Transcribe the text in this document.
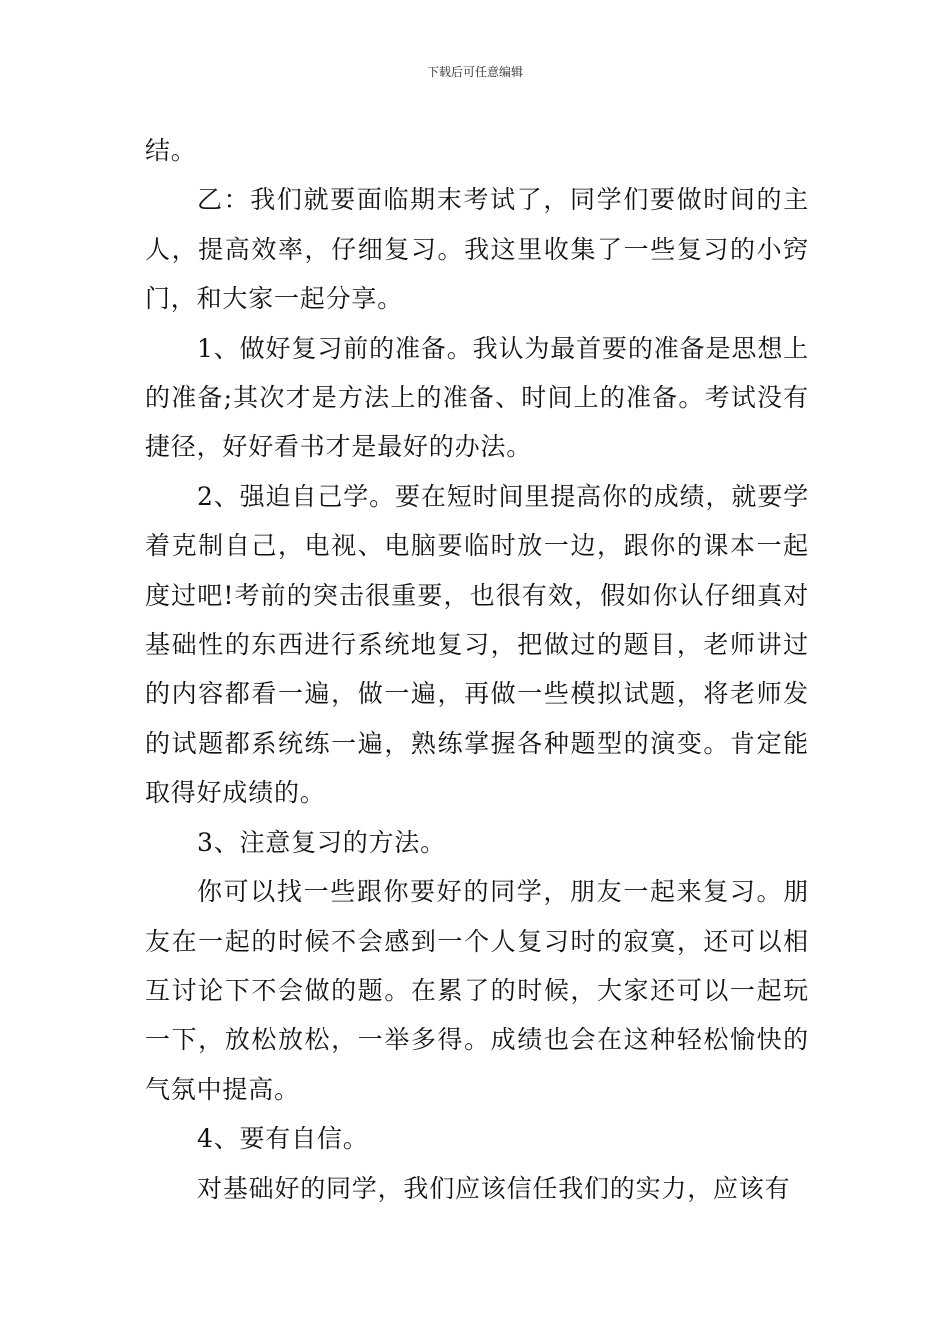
下载后可任意编辑

结。

乙：我们就要面临期末考试了，同学们要做时间的主人，提高效率，仔细复习。我这里收集了一些复习的小窍门，和大家一起分享。

1、做好复习前的准备。我认为最首要的准备是思想上的准备;其次才是方法上的准备、时间上的准备。考试没有捷径，好好看书才是最好的办法。

2、强迫自己学。要在短时间里提高你的成绩，就要学着克制自己，电视、电脑要临时放一边，跟你的课本一起度过吧!考前的突击很重要，也很有效，假如你认仔细真对基础性的东西进行系统地复习，把做过的题目，老师讲过的内容都看一遍，做一遍，再做一些模拟试题，将老师发的试题都系统练一遍，熟练掌握各种题型的演变。肯定能取得好成绩的。

3、注意复习的方法。

你可以找一些跟你要好的同学，朋友一起来复习。朋友在一起的时候不会感到一个人复习时的寂寞，还可以相互讨论下不会做的题。在累了的时候，大家还可以一起玩一下，放松放松，一举多得。成绩也会在这种轻松愉快的气氛中提高。

4、要有自信。

对基础好的同学，我们应该信任我们的实力，应该有
